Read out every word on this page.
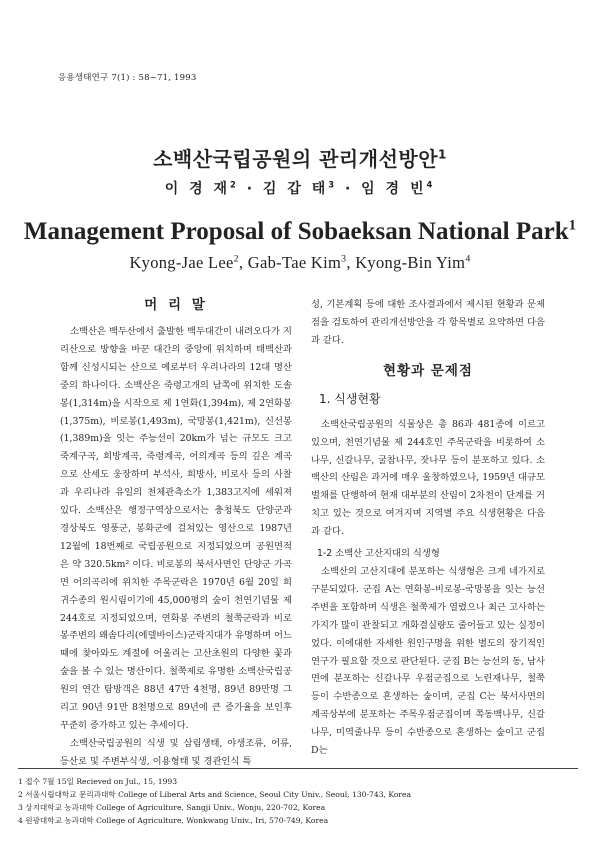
응용생태연구 7(1) : 58~71, 1993
소백산국립공원의 관리개선방안$^1$
이 경 재$^2$ · 김 갑 태$^3$ · 임 경 빈$^4$
Management Proposal of Sobaeksan National Park$^1$
Kyong-Jae Lee$^2$, Gab-Tae Kim$^3$, Kyong-Bin Yim$^4$
머 리 말

소백산은 백두산에서 출발한 백두대간이 내려오다가 지리산으로 방향을 바꾼 대간의 중앙에 위치하며 태백산과 함께 신성시되는 산으로 예로부터 우리나라의 12대 명산 중의 하나이다. 소백산은 죽령고개의 남쪽에 위치한 도솔봉(1,314m)을 시작으로 제 1연화(1,394m), 제 2연화봉(1,375m), 비로봉(1,493m), 국망봉(1,421m), 신선봉(1,389m)을 잇는 주능선이 20km가 넘는 규모도 크고 죽계구곡, 희방계곡, 죽령계곡, 어의계곡 등의 깊은 계곡으로 산세도 웅장하며 부석사, 희방사, 비로사 등의 사찰과 우리나라 유일의 천체관측소가 1,383고지에 세워져 있다. 소백산은 행정구역상으로서는 충청북도 단양군과 경상북도 영풍군, 봉화군에 걸쳐있는 영산으로 1987년 12월에 18번째로 국립공원으로 지정되었으며 공원면적은 약 320.5km² 이다. 비로봉의 북서사면인 단양군 가곡면 어의곡리에 위치한 주목군락은 1970년 6월 20일 희귀수종의 원시림이기에 45,000평의 숲이 천연기념물 제 244호로 지정되었으며, 연화봉 주변의 철쭉군락과 비로봉주변의 왜솜다리(에델바이스)군락지대가 유명하며 어느 때에 찾아와도 계절에 어울리는 고산초원의 다양한 꽃과 숲을 볼 수 있는 명산이다. 철쭉제로 유명한 소백산국립공원의 연간 탐방객은 88년 47만 4천명, 89년 89만명 그리고 90년 91만 8천명으로 89년에 큰 증가율을 보인후 꾸준히 증가하고 있는 추세이다.

소백산국립공원의 식생 및 삼림생태, 야생조류, 어류, 등산로 및 주변부식생, 이용형태 및 경관인식 특

성, 기본계획 등에 대한 조사결과에서 제시된 현황과 문제점을 검토하여 관리개선방안을 각 항목별로 요약하면 다음과 같다.

현황과 문제점
1. 식생현황

소백산국립공원의 식물상은 총 86과 481종에 이르고 있으며, 천연기념물 제 244호인 주목군락을 비롯하여 소나무, 신갈나무, 굴참나무, 잣나무 등이 분포하고 있다. 소백산의 산림은 과거에 매우 울창하였으나, 1959년 대규모벌채를 단행하여 현재 대부분의 산림이 2차천이 단계를 거치고 있는 것으로 여겨지며 지역별 주요 식생현황은 다음과 같다.

1-2 소백산 고산지대의 식생형

소백산의 고산지대에 분포하는 식생형은 크게 네가지로 구분되었다. 군집 A는 연화봉-비로봉-국망봉을 잇는 능선주변을 포함하며 식생은 철쭉제가 열렸으나 최근 고사하는 가지가 많이 관찰되고 개화결실량도 줄어들고 있는 실정이었다. 이에대한 자세한 원인구명을 위한 별도의 장기적인 연구가 필요할 것으로 판단된다. 군집 B는 능선의 동, 남사면에 분포하는 신갈나무 우점군집으로 노린재나무, 철쭉 등이 수반종으로 혼생하는 숲이며, 군집 C는 북서사면의 계곡상부에 분포하는 주목우점군집이며 쪽동백나무, 신갈나무, 미역줄나무 등이 수반종으로 혼생하는 숲이고 군집 D는

1 접수 7월 15일 Recieved on Jul., 15, 1993
2 서울시립대학교 문리과대학 College of Liberal Arts and Science, Seoul City Univ., Seoul, 130-743, Korea
3 상지대학교 농과대학 College of Agriculture, Sangji Univ., Wonju, 220-702, Korea
4 원광대학교 농과대학 College of Agriculture, Wonkwang Univ., Iri, 570-749, Korea
